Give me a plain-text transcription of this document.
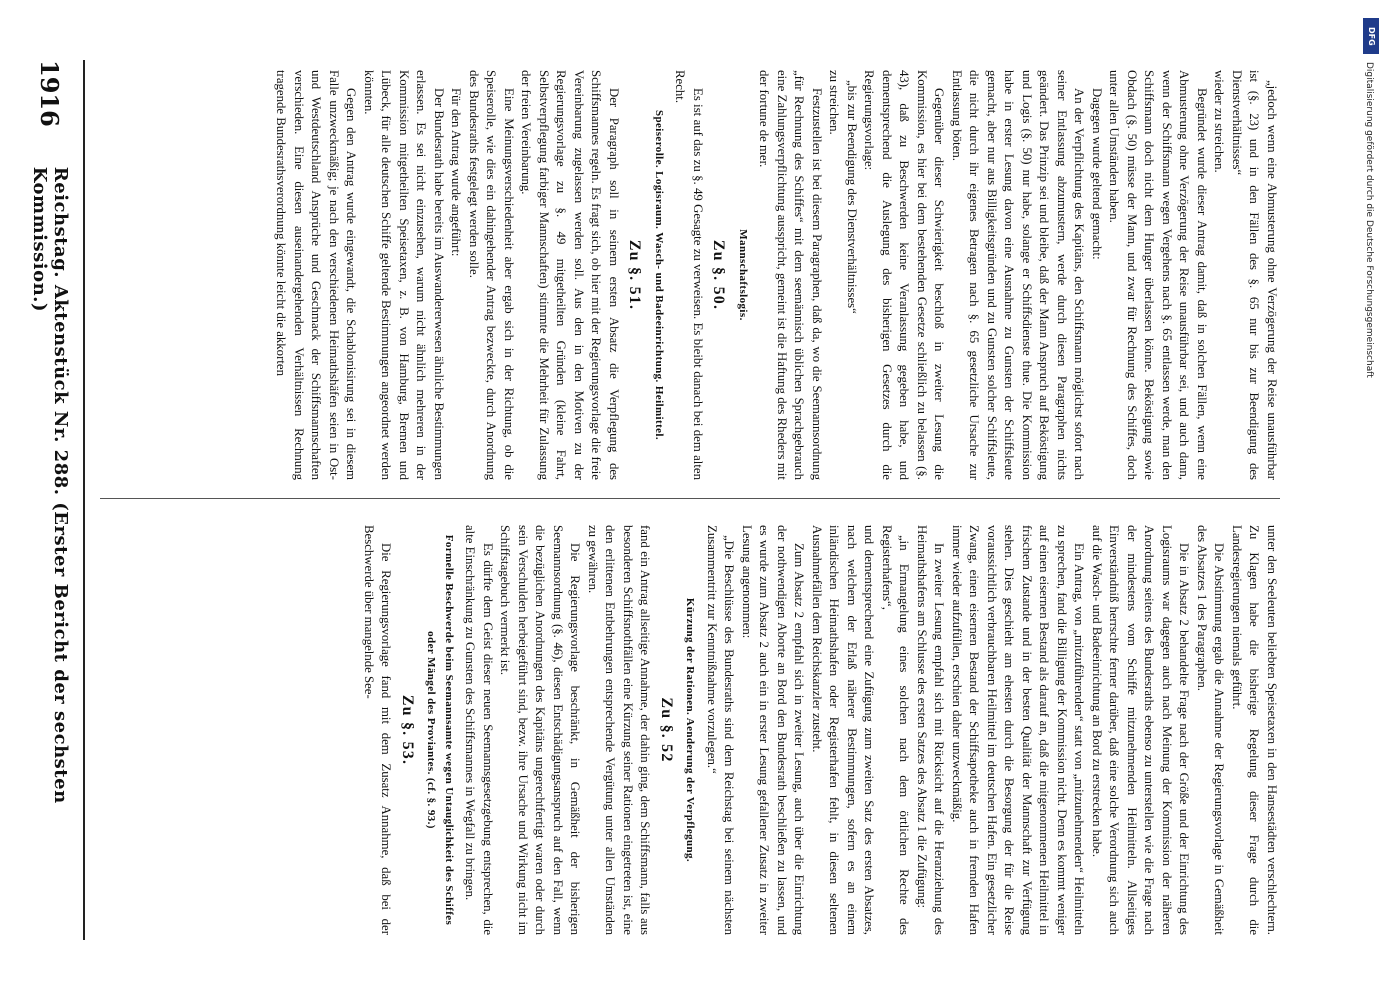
1916
Reichstag. Aktenstück Nr. 288. (Erster Bericht der sechsten Kommission.)	„jedoch wenn eine Abmusterung ohne Verzögerung der Reise unausführbar ist (§. 23) und in den Fällen des §. 65 nur bis zur Beendigung des Dienstverhältnisses“

wieder zu streichen.

Begründet wurde dieser Antrag damit, daß in solchen Fällen, wenn eine Abmusterung ohne Verzögerung der Reise unausführbar sei, und auch dann, wenn der Schiffsmann wegen Vergehens nach §. 65 entlassen werde, man den Schiffsmann doch nicht dem Hunger überlassen könne. Beköstigung sowie Obdach (§. 50) müsse der Mann, und zwar für Rechnung des Schiffes, doch unter allen Umständen haben.

Dagegen wurde geltend gemacht:

An der Verpflichtung des Kapitäns, den Schiffsmann möglichst sofort nach seiner Entlassung abzumustern, werde durch diesen Paragraphen nichts geändert. Das Prinzip sei und bleibe, daß der Mann Anspruch auf Beköstigung und Logis (§. 50) nur habe, solange er Schiffsdienste thue. Die Kommission habe in erster Lesung davon eine Ausnahme zu Gunsten der Schiffsleute gemacht, aber nur aus Billigkeitsgründen und zu Gunsten solcher Schiffsleute, die nicht durch ihr eigenes Betragen nach §. 65 gesetzliche Ursache zur Entlassung böten.

Gegenüber dieser Schwierigkeit beschloß in zweiter Lesung die Kommission, es hier bei dem bestehenden Gesetze schließlich zu belassen (§. 43), daß zu Beschwerden keine Veranlassung gegeben habe, und dementsprechend die Auslegung des bisherigen Gesetzes durch die Regierungsvorlage:

„bis zur Beendigung des Dienstverhältnisses“

zu streichen.

Festzustellen ist bei diesem Paragraphen, daß da, wo die Seemannsordnung „für Rechnung des Schiffes“ mit dem seemännisch üblichen Sprachgebrauch eine Zahlungsverpflichtung ausspricht, gemeint ist die Haftung des Rheders mit der fortune de mer.

Mannschaftslogis.
Zu §. 50.

Es ist auf das zu §. 49 Gesagte zu verweisen. Es bleibt danach bei dem alten Recht.

Speiserolle. Logisraum. Wasch- und Badeeinrichtung. Heilmittel.
Zu §. 51.

Der Paragraph soll in seinem ersten Absatz die Verpflegung des Schiffsmannes regeln. Es fragt sich, ob hier mit der Regierungsvorlage die freie Vereinbarung zugelassen werden soll. Aus den in den Motiven zu der Regierungsvorlage zu §. 49 mitgetheilten Gründen (kleine Fahrt, Selbstverpflegung farbiger Mannschaften) stimmte die Mehrheit für Zulassung der freien Vereinbarung.

Eine Meinungsverschiedenheit aber ergab sich in der Richtung, ob die Speiserolle, wie dies ein dahingehender Antrag bezweckte, durch Anordnung des Bundesraths festgelegt werden solle.

Für den Antrag wurde angeführt:

Der Bundesrath habe bereits im Auswandererwesen ähnliche Bestimmungen erlassen. Es sei nicht einzusehen, warum nicht ähnlich mehreren in der Kommission mitgetheilten Speisetaxen, z. B. von Hamburg, Bremen und Lübeck, für alle deutschen Schiffe geltende Bestimmungen angeordnet werden könnten.

Gegen den Antrag wurde eingewandt, die Schablonisirung sei in diesem Falle unzweckmäßig; je nach den verschiedenen Heimathshäfen seien in Ost- und Westdeutschland Ansprüche und Geschmack der Schiffsmannschaften verschieden. Eine diesen auseinandergehenden Verhältnissen Rechnung tragende Bundesrathsverordnung könnte leicht die akkorten

unter den Seeleuten beliebten Speisetaxen in den Hansestädten verschlechtern. Zu Klagen habe die bisherige Regelung dieser Frage durch die Landesregierungen niemals geführt.

Die Abstimmung ergab die Annahme der Regierungsvorlage in Gemäßheit des Absatzes 1 des Paragraphen.

Die in Absatz 2 behandelte Frage nach der Größe und der Einrichtung des Logisraums war dagegen auch nach Meinung der Kommission der näheren Anordnung seitens des Bundesraths ebenso zu unterstellen wie die Frage nach der mindestens vom Schiffe mitzunehmenden Heilmitteln. Allseitiges Einverständniß herrschte ferner darüber, daß eine solche Verordnung sich auch auf die Wasch- und Badeeinrichtung an Bord zu erstrecken habe.

Ein Antrag, von „mitzuführenden“ statt von „mitzunehmenden“ Heilmitteln zu sprechen, fand die Billigung der Kommission nicht. Denn es kommt weniger auf einen eisernen Bestand als darauf an, daß die mitgenommenen Heilmittel in frischem Zustande und in der besten Qualität der Mannschaft zur Verfügung stehen. Dies geschieht am ehesten durch die Besorgung der für die Reise voraussichtlich verbrauchbaren Heilmittel im deutschen Hafen. Ein gesetzlicher Zwang, einen eisernen Bestand der Schiffsapotheke auch in fremden Hafen immer wieder aufzufüllen, erschien daher unzweckmäßig.

In zweiter Lesung empfahl sich mit Rücksicht auf die Heranziehung des Heimathshafens am Schlusse des ersten Satzes des Absatz 1 die Zufügung:

„in Ermangelung eines solchen nach dem örtlichen Rechte des Registerhafens“,

und dementsprechend eine Zufügung zum zweiten Satz des ersten Absatzes, nach welchem der Erlaß näherer Bestimmungen, sofern es an einem inländischen Heimathshafen oder Registerhafen fehlt, in diesen seltenen Ausnahmefällen dem Reichskanzler zusteht.

Zum Absatz 2 empfahl sich in zweiter Lesung, auch über die Einrichtung der nothwendigen Aborte an Bord den Bundesrath beschließen zu lassen, und es wurde zum Absatz 2 auch ein in erster Lesung gefallener Zusatz in zweiter Lesung angenommen:

„Die Beschlüsse des Bundesraths sind dem Reichstag bei seinem nächsten Zusammentritt zur Kenntnißnahme vorzulegen.“

Kürzung der Rationen. Aenderung der Verpflegung.
Zu §. 52

fand ein Antrag allseitige Annahme, der dahin ging, dem Schiffsmann, falls aus besonderen Schiffsnothfällen eine Kürzung seiner Rationen eingetreten ist, eine den erlittenen Entbehrungen entsprechende Vergütung unter allen Umständen zu gewähren.

Die Regierungsvorlage beschränkt, in Gemäßheit der bisherigen Seemannsordnung (§. 46), diesen Entschädigungsanspruch auf den Fall, wenn die bezüglichen Anordnungen des Kapitäns ungerechtfertigt waren oder durch sein Verschulden herbeigeführt sind, bezw. ihre Ursache und Wirkung nicht im Schiffstagebuch vermerkt ist.

Es dürfte dem Geist dieser neuen Seemannsgesetzgebung entsprechen, die alte Einschränkung zu Gunsten des Schiffsmannes in Wegfall zu bringen.

Formelle Beschwerde beim Seemannsamte wegen Untauglichkeit des Schiffes oder Mängel des Proviantes. (cf. §. 93.)
Zu §. 53.

Die Regierungsvorlage fand mit dem Zusatz Annahme, daß bei der Beschwerde über mangelnde See-

DFG
Digitalisierung gefördert durch die Deutsche Forschungsgemeinschaft
